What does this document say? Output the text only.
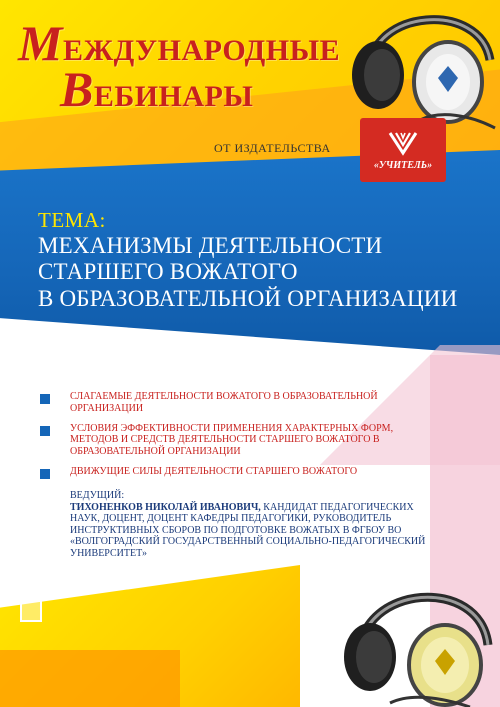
МЕЖДУНАРОДНЫЕ
ВЕБИНАРЫ
ОТ ИЗДАТЕЛЬСТВА
«УЧИТЕЛЬ»
ТЕМА:
МЕХАНИЗМЫ ДЕЯТЕЛЬНОСТИ
СТАРШЕГО ВОЖАТОГО
В ОБРАЗОВАТЕЛЬНОЙ ОРГАНИЗАЦИИ
СЛАГАЕМЫЕ ДЕЯТЕЛЬНОСТИ ВОЖАТОГО В ОБРАЗОВАТЕЛЬНОЙ ОРГАНИЗАЦИИ
УСЛОВИЯ ЭФФЕКТИВНОСТИ ПРИМЕНЕНИЯ ХАРАКТЕРНЫХ ФОРМ, МЕТОДОВ И СРЕДСТВ ДЕЯТЕЛЬНОСТИ СТАРШЕГО ВОЖАТОГО В ОБРАЗОВАТЕЛЬНОЙ ОРГАНИЗАЦИИ
ДВИЖУЩИЕ СИЛЫ ДЕЯТЕЛЬНОСТИ СТАРШЕГО ВОЖАТОГО
ВЕДУЩИЙ:
ТИХОНЕНКОВ НИКОЛАЙ ИВАНОВИЧ, КАНДИДАТ ПЕДАГОГИЧЕСКИХ НАУК, ДОЦЕНТ, ДОЦЕНТ КАФЕДРЫ ПЕДАГОГИКИ, РУКОВОДИТЕЛЬ ИНСТРУКТИВНЫХ СБОРОВ ПО ПОДГОТОВКЕ ВОЖАТЫХ В ФГБОУ ВО «ВОЛГОГРАДСКИЙ ГОСУДАРСТВЕННЫЙ СОЦИАЛЬНО-ПЕДАГОГИЧЕСКИЙ УНИВЕРСИТЕТ»
